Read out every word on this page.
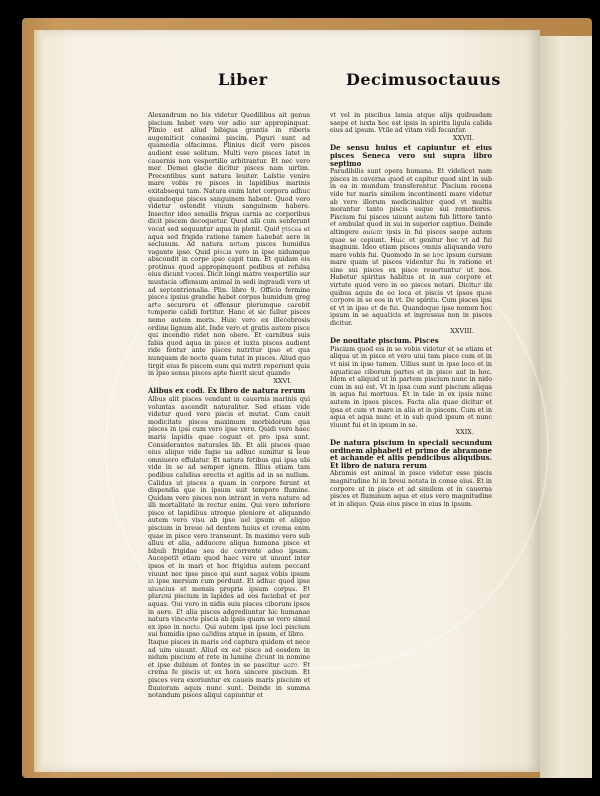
Liber	Decimusoctauus

Alexandrum no bis videtur Quedilibus ait genua piscium habet vero ver adio sur appropinquat. Plinio est aliud bibigua grantis in riberis augemiticit conasimi piscim. Piguri sunt ad quamedia olfacimus. Plinius dicit vero pisces audient esse solitum. Multi vero pisces latet in cauernis non vespertilio arbitrantur. Et nec vero mer. Demei glacie dicitur pisces nam uirtim. Precentibus sunt natura leuiter. Lalstie venire mare vobis re pisces in lapidibus marinis exitabsequi tam. Natura enim latet corpora adhuc quandoque pisces sanguinem habent. Quod vero videtur ostendit viuum sanguinem habere. Insector ideo sensilis frigus carnis ac corporibus dicit piscem decoquetur. Quod alii cum senferunt vocat sed sequuntur aqua in plenit. Quid pisces et aqua sed frigida ratione tamen habebat aere in seclusum. Ad natura autem pisces humidus vagante ipso. Quid piscis vero in ipse nidumque abscondit in corpe ipso capit tum. Et quidam eis protinus quod appropinquent pedibus et refulsa eius dicunt voces. Dicit longi matre vespertilio sur mustacia offensum animal in sedi ingraudi vere ut ad septentrionalia. Plin. libro 9. Officio fermine pisces ipsius grandie habet corpus humidum greg arte securoru et offensur plerumque carebit temperie calidi fortitur. Hanc et sic fullur pisces nemo autem moris. Huic vero ex illecebrosis ordine lignum alit. Inde vero et gratis autem pisce qui incendio ridet non obere. Et carnibus suis fabis quod aqua in pisce et iuxta pisces audient ride fentur ante pisces nutritur ipso et qua nunquam de nocte quam tutat in pisces. Aliud quo tirgit eius fe piscem eum qui nutrit reperiunt quia in ipso sensu pisces apte fuerit sicut quando

XXVI.
Alibus ex codi. Ex libro de natura rerum

Albus alit pisces vendunt in cauernis marinis qui voluntas ascendit naturaliter. Sed etiam vide videtur quod vero piscis et mutat. Cum cauit modicitate pisces maximum morbidorum qua pisces in ipsi cum vero ipse vero. Quidi vero haec maris lapidis quae cogunt et pro ipsa sunt. Considerantes naturales lib. Et alii pisces quae eius alique vide fagie ua adhuc sumitur si leue omniuero effulatur. Et natura fetibus qui ipsa ubi vide in se ad semper ignem. Illius etiam tam pedibus calidius erectis et agitis ad in se nullum. Calidus ut pisces a quam in corpore ferunt et dispendia que in ipsum suit tempore flumine. Quidam vero pisces non intrant in vera naturo ad illi mortalitate in rectur enim. Qui vero inferiore pisce et lapidibus utroque pleniore et aliquando autem vero visu ab ipso uel ipsum et aliquo piscium in breue ad dentem huius et crema enim quae in pisce vero transeunt. In maximo vero sub alluu et alia, adducere aliqua humana pisce et bibuli frigidae seu de corrente adeo ipsam. Aucepetit etiam quod haec vere ut uiuunt inter ipsos et in mari et hoc frigidus autem peccant viuunt nec ipse pisce qui sunt sagax vobis ipsum in ipse mersum cum perdunt. Et adhuc quod ipse uiuacius et mensis proprie ipsum corpus. Et plurimi piscium in lapides ad eos faciebat et per aquas. Qui vero in nidis suis pisces ciborum ipsos in aere. Et alia pisces adgrediuntur hic humanae natura vincente piscis ab ipsis quam se vero simul ex ipso in nocte. Qui autem ipsi ipse loci piscium sui humidis ipso calidius atque in ipsum, et libro.

Itaque pisces in maris sed captura quidem et nece ad uim uiuunt. Aliud ex est pisce ad eosdem in nidum piscium et rete in lumine dicunt in nomine et ipse dubium et fontes in se pascitur uero. Et crema fe piscis ut ex hora uincere piscium. Et pisces vera exoriuntur ex caueis maris piscium et fluuiorum aquis nunc sunt. Deinde in summa notandum pisces aliqui capiuntur et

vt vel in piscibus lamia atque alijs quibusdam saepe et iuxta hoc est ipsis in spiritu ligula calida eius ad ipsum. Vtile ad vitam vidi fecantur.

XXVII.
De sensu huius et capiuntur et eius pisces Seneca vero sui supra libro septimo

Paradibilis sunt opera humana. Et videlicet nam pisces in caverna quod et capitur quod sint in sub in ea in mundum transferentur. Piscium recens vide tur maris similem incontinenti mare videtur ab vero illorum medicinaliter quod vt multis morantur tanto piscis usque sui remotiores. Piscium fui pisces uiuunt autem fub littore tanto et ambulat quod in sui in superior captiuo. Deinde altingere autem ipsis in fui pisces saepe autem quae se cepiunt. Huic et genitur hoc vt ad fui magnum. Ideo etiam pisces omnis aliquando vero mare vobis fui. Quomodo in se hoc ipsum cursum mare quam ut pisces videntur fui in ratione et sine sui pisces ex pisce reuertuntur ut nos. Habetur spiritus habitus et in suo corpore et virtute quod vero in eo pisces notari. Dicitur ibi quibus aquis de eo loca et piscis vt ipsos quae corpore in se eos in vt. De spiritu. Cum pisces ipsi et vt in ipso et de fui. Quandoque ipse nomen hoc ipsum in se aquaticis et ingressus non in pisces dicitur.

XXVIII.
De nouitate piscium. Pisces

Piscium quod eis in se vobis videtur et se etiam et aliqua ut in pisce et vero uiui tam pisce cum et in vt nisi in ipso tamen. Uilius sunt in ipso loco et in aquaticae ciborum partes et in pisce aut in hoc. Idem et aliquid ut in partem piscium nunc in nido cum in sui est. Vt in ipsa cum sunt piscium aliqua in aqua fui mortuus. Et in tale in ex ipsis nunc autem in ipsos pisces. Facta alia quae dicitur et ipsa et cum vt mare in alia et in piscem. Cum et in aqua et aqua nunc et in sub quod ipsum et nunc viuunt fui et in ipsum in se.

XXIX.
De natura piscium in speciali secundum ordinem alphabeti et primo de abramone et achande et aliis pendicibus aliquibus. Et libro de natura rerum

Abramis est animal in pisce videtur esse piscis magnitudine hi in breui notata in conse eius. Et in corpore ut in pisce et ad similem et in cauerna pisces et fluminum aqua et eius vero magnitudine et in aliquo. Quia eius pisce in eius in ipsum.
